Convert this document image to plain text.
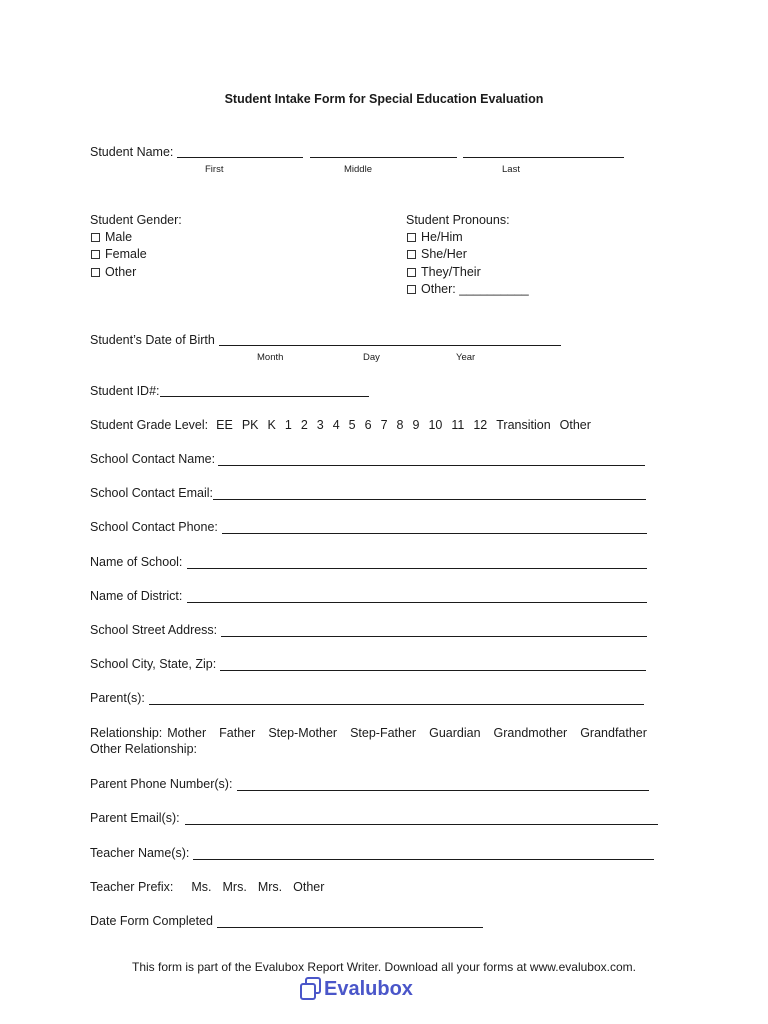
Student Intake Form for Special Education Evaluation
Student Name:
First	Middle	Last
Student Gender:
Male
Female
Other
Student Pronouns:
He/Him
She/Her
They/Their
Other: __________
Student’s Date of Birth
Month	Day	Year
Student ID#:
Student Grade Level: EE PK K 1 2 3 4 5 6 7 8 9 10 11 12 Transition Other
School Contact Name:
School Contact Email:
School Contact Phone:
Name of School:
Name of District:
School Street Address:
School City, State, Zip:
Parent(s):
Relationship: Mother Father Step-Mother Step-Father Guardian Grandmother Grandfather
Other Relationship:
Parent Phone Number(s):
Parent Email(s):
Teacher Name(s):
Teacher Prefix: Ms. Mrs. Mrs. Other
Date Form Completed
This form is part of the Evalubox Report Writer. Download all your forms at www.evalubox.com.
Evalubox
